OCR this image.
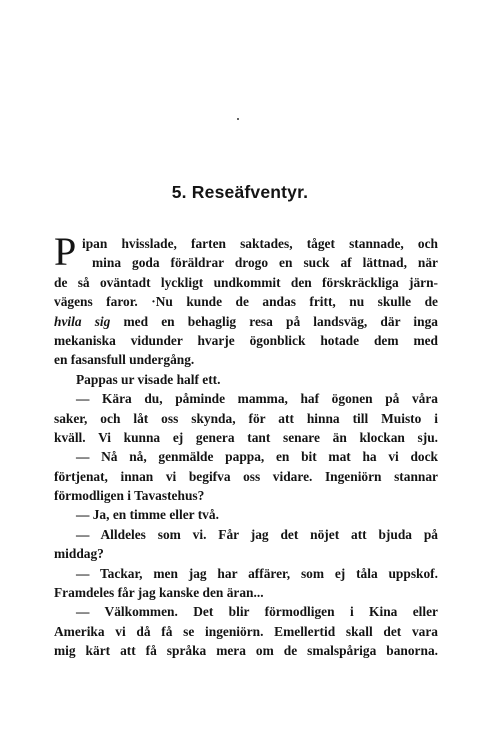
5. Reseäfventyr.
P ipan hvisslade, farten saktades, tåget stannade, och
mina goda föräldrar drogo en suck af lättnad, när
de så oväntadt lyckligt undkommit den förskräckliga järn-
vägens faror. ·Nu kunde de andas fritt, nu skulle de
hvila sig med en behaglig resa på landsväg, där inga
mekaniska vidunder hvarje ögonblick hotade dem med
en fasansfull undergång.
Pappas ur visade half ett.
— Kära du, påminde mamma, haf ögonen på våra
saker, och låt oss skynda, för att hinna till Muisto i
kväll. Vi kunna ej genera tant senare än klockan sju.
— Nå nå, genmälde pappa, en bit mat ha vi dock
förtjenat, innan vi begifva oss vidare. Ingeniörn stannar
förmodligen i Tavastehus?
— Ja, en timme eller två.
— Alldeles som vi. Får jag det nöjet att bjuda på
middag?
— Tackar, men jag har affärer, som ej tåla uppskof.
Framdeles får jag kanske den äran...
— Välkommen. Det blir förmodligen i Kina eller
Amerika vi då få se ingeniörn. Emellertid skall det vara
mig kärt att få språka mera om de smalspåriga banorna.
